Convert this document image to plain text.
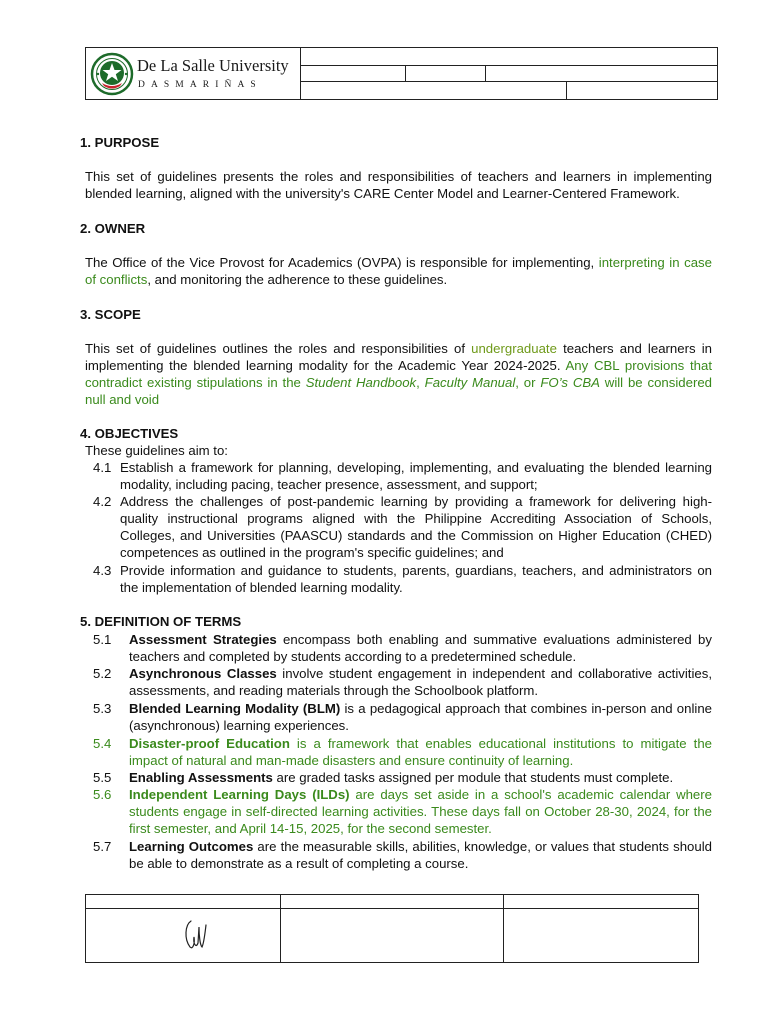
De La Salle University
DASMARIÑAS
1. PURPOSE
This set of guidelines presents the roles and responsibilities of teachers and learners in implementing blended learning, aligned with the university's CARE Center Model and Learner-Centered Framework.
2. OWNER
The Office of the Vice Provost for Academics (OVPA) is responsible for implementing, interpreting in case of conflicts, and monitoring the adherence to these guidelines.
3. SCOPE
This set of guidelines outlines the roles and responsibilities of undergraduate teachers and learners in implementing the blended learning modality for the Academic Year 2024-2025. Any CBL provisions that contradict existing stipulations in the Student Handbook, Faculty Manual, or FO’s CBA will be considered null and void
4. OBJECTIVES
These guidelines aim to:
4.1 Establish a framework for planning, developing, implementing, and evaluating the blended learning modality, including pacing, teacher presence, assessment, and support;
4.2 Address the challenges of post-pandemic learning by providing a framework for delivering high-quality instructional programs aligned with the Philippine Accrediting Association of Schools, Colleges, and Universities (PAASCU) standards and the Commission on Higher Education (CHED) competences as outlined in the program's specific guidelines; and
4.3 Provide information and guidance to students, parents, guardians, teachers, and administrators on the implementation of blended learning modality.
5. DEFINITION OF TERMS
5.1 Assessment Strategies encompass both enabling and summative evaluations administered by teachers and completed by students according to a predetermined schedule.
5.2 Asynchronous Classes involve student engagement in independent and collaborative activities, assessments, and reading materials through the Schoolbook platform.
5.3 Blended Learning Modality (BLM) is a pedagogical approach that combines in-person and online (asynchronous) learning experiences.
5.4 Disaster-proof Education is a framework that enables educational institutions to mitigate the impact of natural and man-made disasters and ensure continuity of learning.
5.5 Enabling Assessments are graded tasks assigned per module that students must complete.
5.6 Independent Learning Days (ILDs) are days set aside in a school's academic calendar where students engage in self-directed learning activities. These days fall on October 28-30, 2024, for the first semester, and April 14-15, 2025, for the second semester.
5.7 Learning Outcomes are the measurable skills, abilities, knowledge, or values that students should be able to demonstrate as a result of completing a course.
